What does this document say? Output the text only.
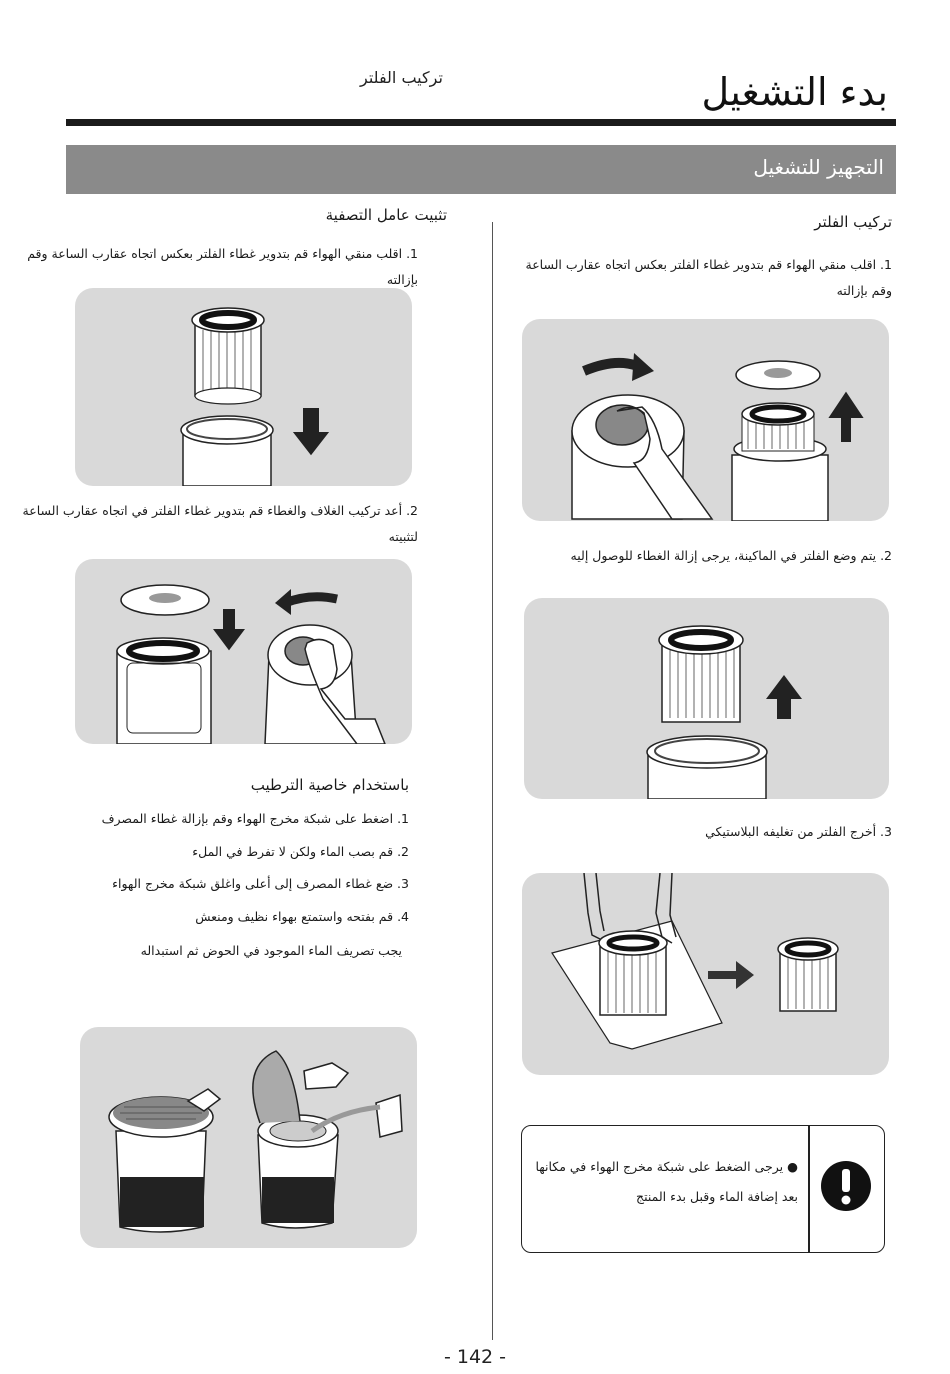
بدء التشغيل
تركيب الفلتر
التجهيز للتشغيل
تركيب الفلتر
1. اقلب منقي الهواء قم بتدوير غطاء الفلتر بعكس اتجاه عقارب الساعة وقم بإزالته
2. يتم وضع الفلتر في الماكينة، يرجى إزالة الغطاء للوصول إليه
3. أخرج الفلتر من تغليفه البلاستيكي
● يرجى الضغط على شبكة مخرج الهواء في مكانها بعد إضافة الماء وقبل بدء المنتج
تثبيت عامل التصفية
1. اقلب منقي الهواء قم بتدوير غطاء الفلتر بعكس اتجاه عقارب الساعة وقم بإزالته
2. أعد تركيب الغلاف والغطاء قم بتدوير غطاء الفلتر في اتجاه عقارب الساعة لتثبيته
باستخدام خاصية الترطيب
1. اضغط على شبكة مخرج الهواء وقم بإزالة غطاء المصرف
2. قم بصب الماء ولكن لا تفرط في الملء
3. ضع غطاء المصرف إلى أعلى واغلق شبكة مخرج الهواء
4. قم بفتحه واستمتع بهواء نظيف ومنعش
يجب تصريف الماء الموجود في الحوض ثم استبداله
- 142 -
